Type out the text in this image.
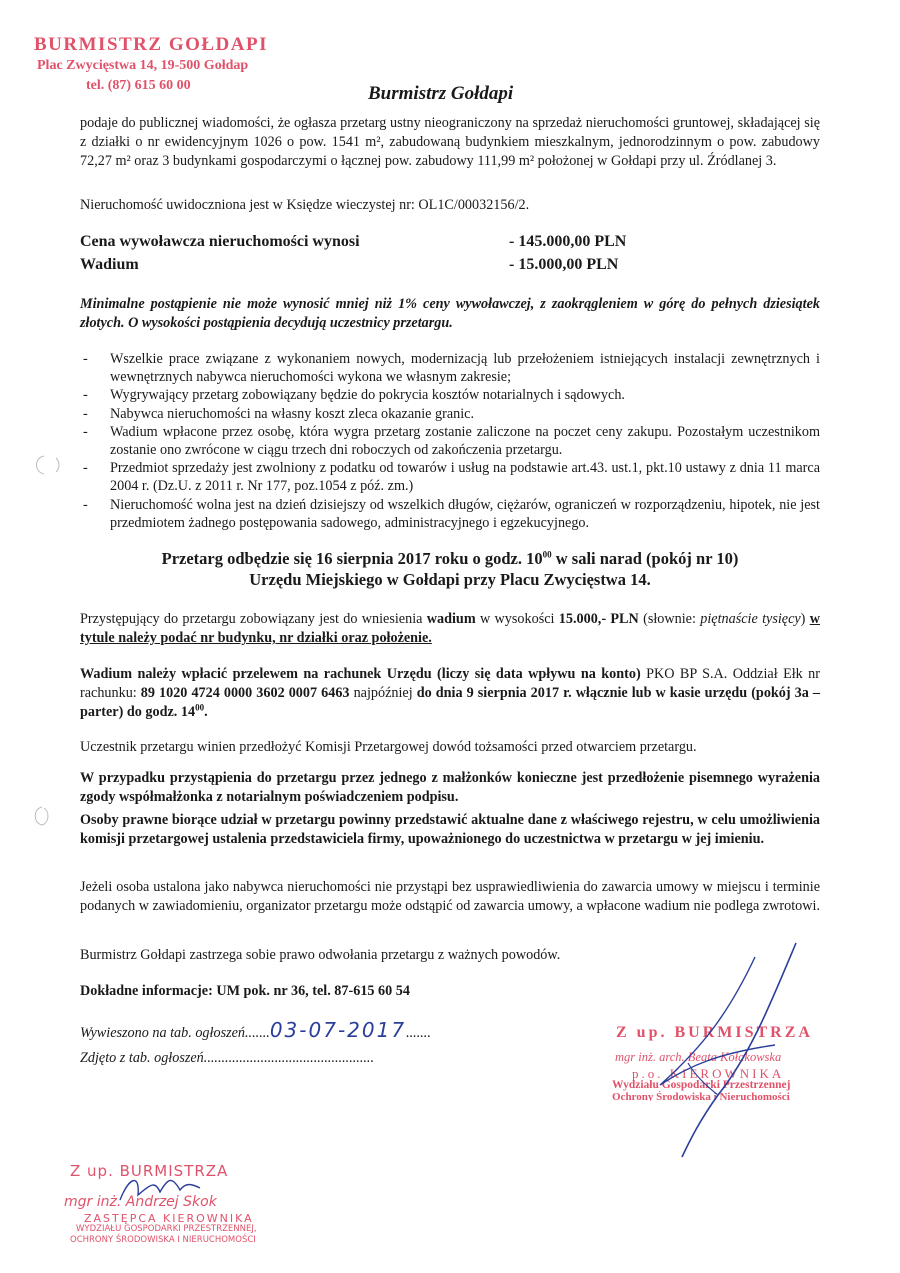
BURMISTRZ GOŁDAPI
Plac Zwycięstwa 14, 19-500 Gołdap
tel. (87) 615 60 00	Burmistrz Gołdapi

podaje do publicznej wiadomości, że ogłasza przetarg ustny nieograniczony na sprzedaż nieruchomości gruntowej, składającej się z działki o nr ewidencyjnym 1026 o pow. 1541 m², zabudowaną budynkiem mieszkalnym, jednorodzinnym o pow. zabudowy 72,27 m² oraz 3 budynkami gospodarczymi o łącznej pow. zabudowy 111,99 m² położonej w Gołdapi przy ul. Źródlanej 3.

Nieruchomość uwidoczniona jest w Księdze wieczystej nr: OL1C/00032156/2.

Cena wywoławcza nieruchomości wynosi	- 145.000,00 PLN
Wadium	- 15.000,00 PLN

Minimalne postąpienie nie może wynosić mniej niż 1% ceny wywoławczej, z zaokrągleniem w górę do pełnych dziesiątek złotych. O wysokości postąpienia decydują uczestnicy przetargu.

- Wszelkie prace związane z wykonaniem nowych, modernizacją lub przełożeniem istniejących instalacji zewnętrznych i wewnętrznych nabywca nieruchomości wykona we własnym zakresie;
- Wygrywający przetarg zobowiązany będzie do pokrycia kosztów notarialnych i sądowych.
- Nabywca nieruchomości na własny koszt zleca okazanie granic.
- Wadium wpłacone przez osobę, która wygra przetarg zostanie zaliczone na poczet ceny zakupu. Pozostałym uczestnikom zostanie ono zwrócone w ciągu trzech dni roboczych od zakończenia przetargu.
- Przedmiot sprzedaży jest zwolniony z podatku od towarów i usług na podstawie art.43. ust.1, pkt.10 ustawy z dnia 11 marca 2004 r. (Dz.U. z 2011 r. Nr 177, poz.1054 z póź. zm.)
- Nieruchomość wolna jest na dzień dzisiejszy od wszelkich długów, ciężarów, ograniczeń w rozporządzeniu, hipotek, nie jest przedmiotem żadnego postępowania sadowego, administracyjnego i egzekucyjnego.
Przetarg odbędzie się 16 sierpnia 2017 roku o godz. $10^{00}$ w sali narad (pokój nr 10)
Urzędu Miejskiego w Gołdapi przy Placu Zwycięstwa 14.

Przystępujący do przetargu zobowiązany jest do wniesienia wadium w wysokości 15.000,- PLN (słownie: piętnaście tysięcy) w tytule należy podać nr budynku, nr działki oraz położenie.

Wadium należy wpłacić przelewem na rachunek Urzędu (liczy się data wpływu na konto) PKO BP S.A. Oddział Ełk nr rachunku: 89 1020 4724 0000 3602 0007 6463 najpóźniej do dnia 9 sierpnia 2017 r. włącznie lub w kasie urzędu (pokój 3a – parter) do godz. $14^{00}$.

Uczestnik przetargu winien przedłożyć Komisji Przetargowej dowód tożsamości przed otwarciem przetargu.

W przypadku przystąpienia do przetargu przez jednego z małżonków konieczne jest przedłożenie pisemnego wyrażenia zgody współmałżonka z notarialnym poświadczeniem podpisu.

Osoby prawne biorące udział w przetargu powinny przedstawić aktualne dane z właściwego rejestru, w celu umożliwienia komisji przetargowej ustalenia przedstawiciela firmy, upoważnionego do uczestnictwa w przetargu w jej imieniu.

Jeżeli osoba ustalona jako nabywca nieruchomości nie przystąpi bez usprawiedliwienia do zawarcia umowy w miejscu i terminie podanych w zawiadomieniu, organizator przetargu może odstąpić od zawarcia umowy, a wpłacone wadium nie podlega zwrotowi.

Burmistrz Gołdapi zastrzega sobie prawo odwołania przetargu z ważnych powodów.

Dokładne informacje: UM pok. nr 36, tel. 87-615 60 54
Wywieszono na tab. ogłoszeń.......03-07-2017.......
Zdjęto z tab. ogłoszeń................................................
Z up. BURMISTRZA
mgr inż. arch. Beata Kołakowska
p.o. KIEROWNIKA
Wydziału Gospodarki Przestrzennej
Ochrony Środowiska i Nieruchomości
Z up. BURMISTRZA
mgr inż. Andrzej Skok
ZASTĘPCA KIEROWNIKA
WYDZIAŁU GOSPODARKI PRZESTRZENNEJ,
OCHRONY ŚRODOWISKA I NIERUCHOMOŚCI
